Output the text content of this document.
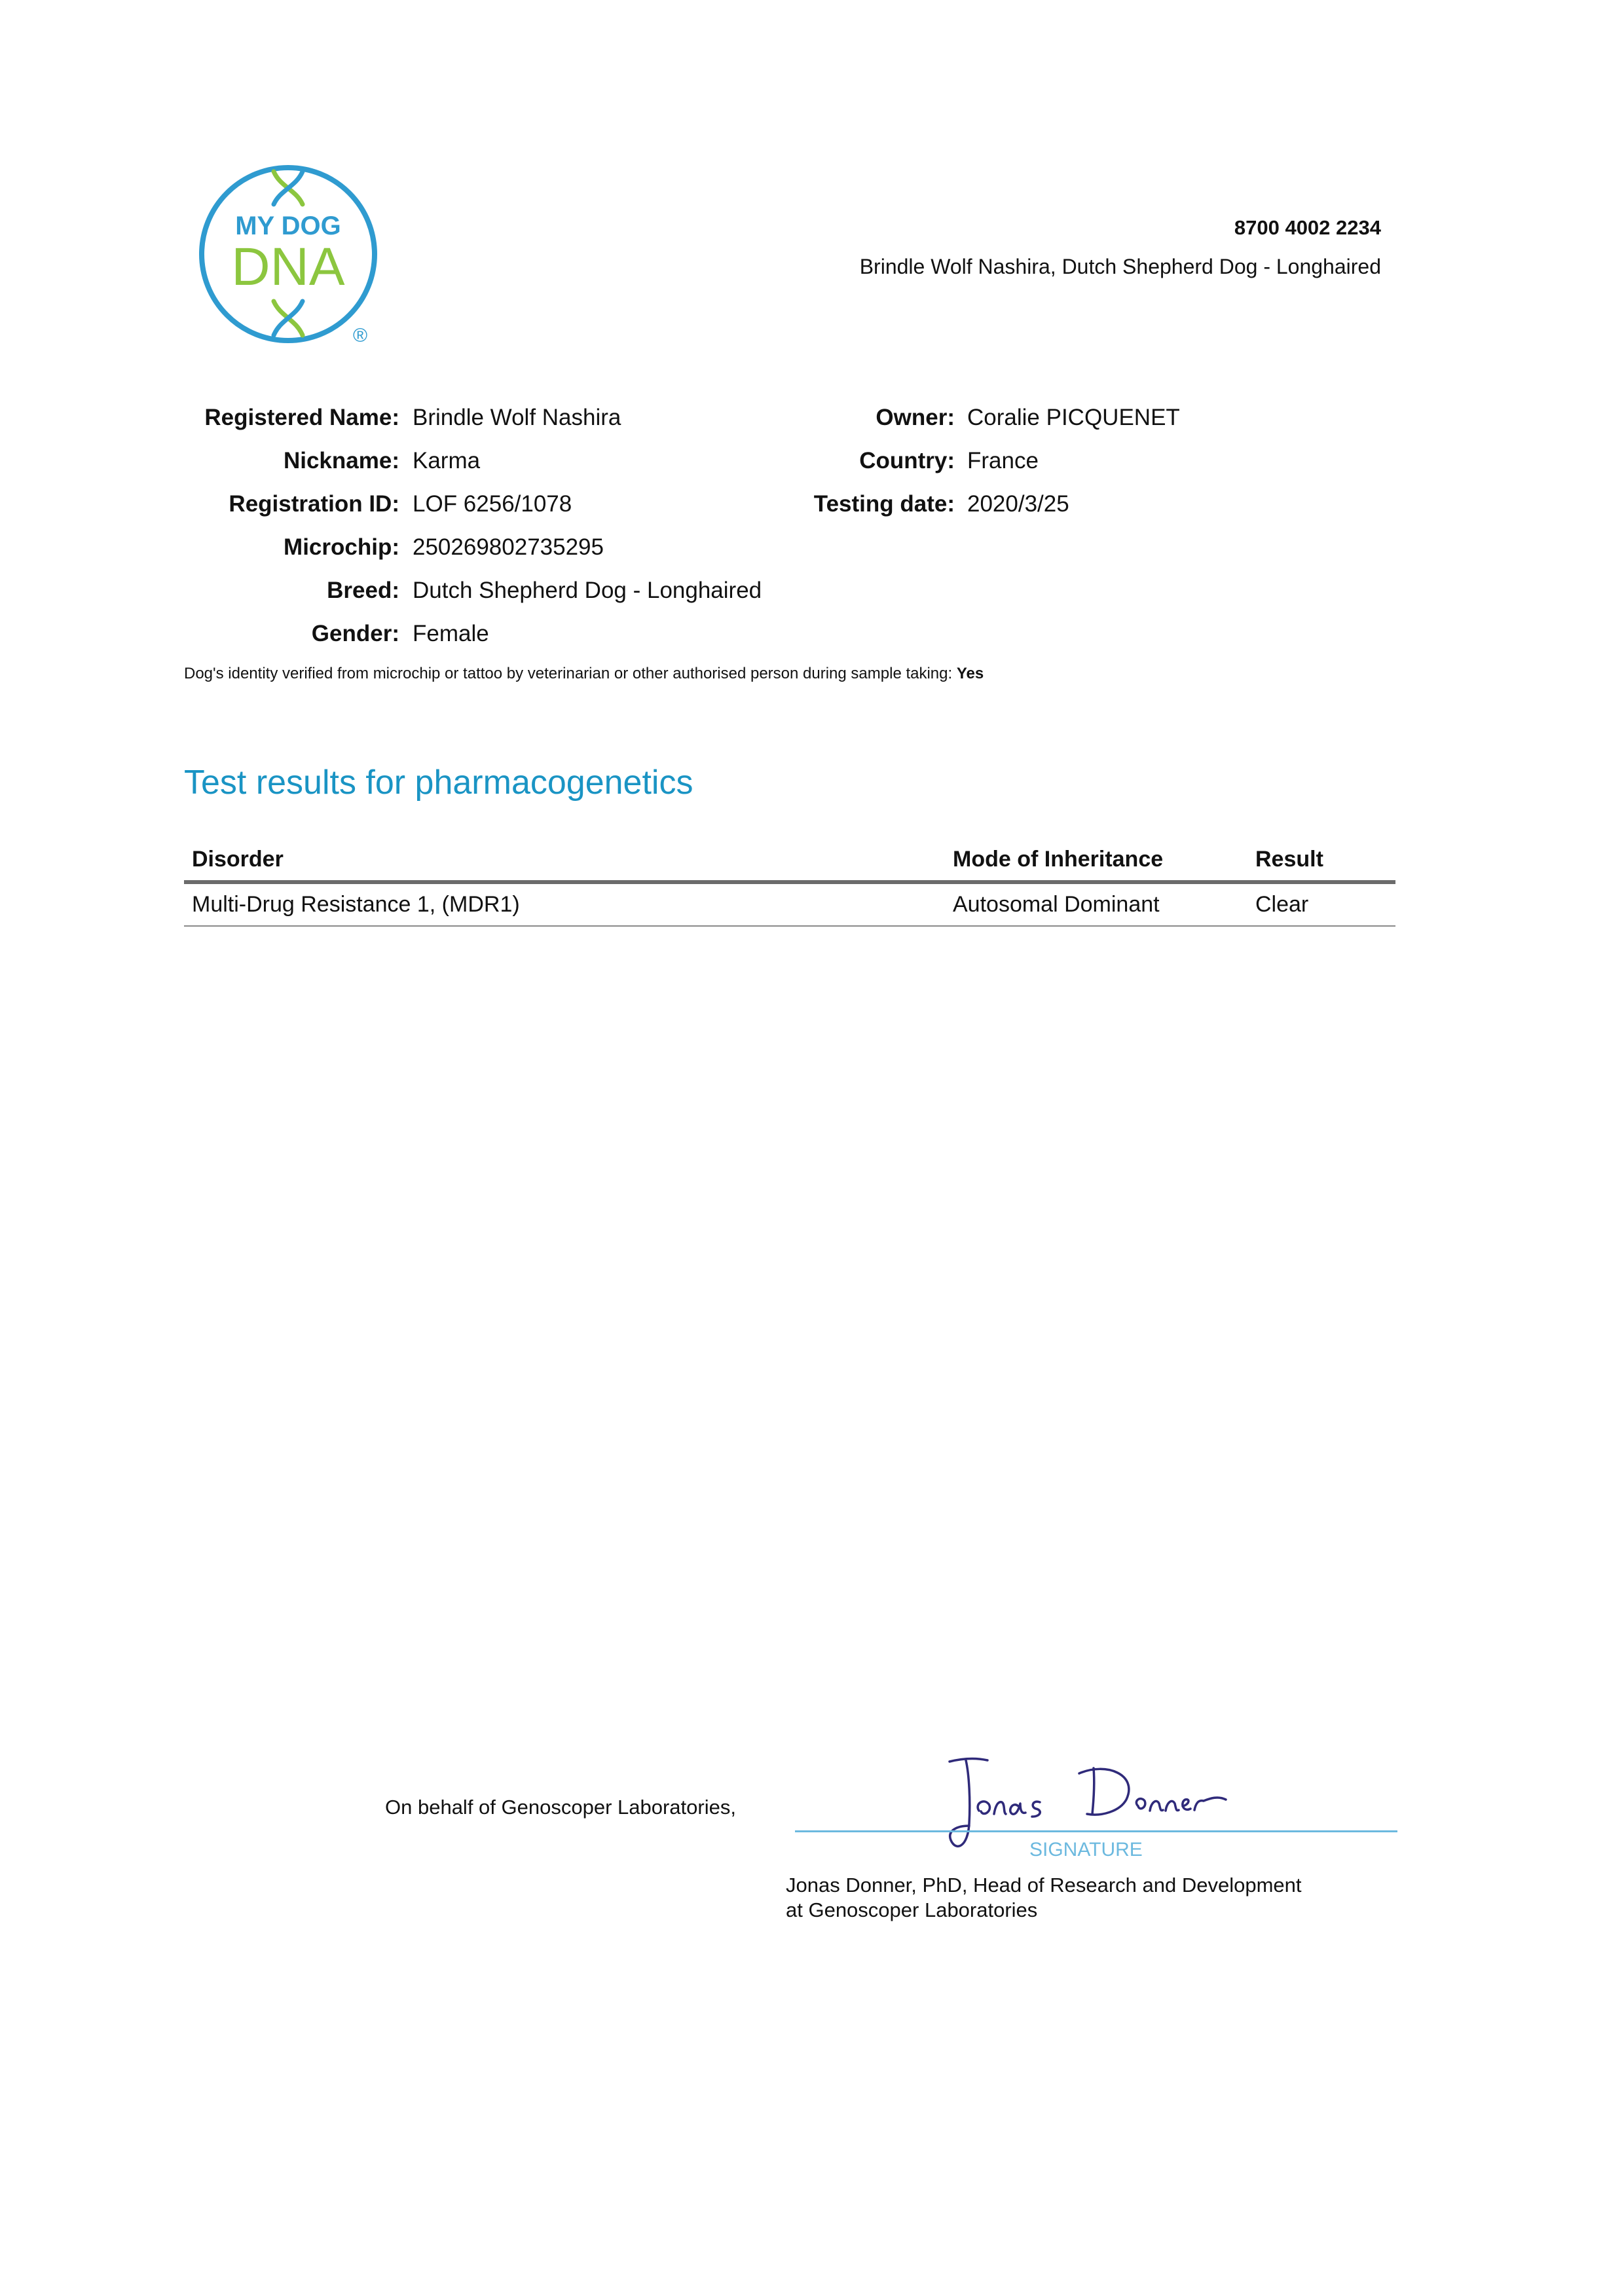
MY DOG
DNA
®
8700 4002 2234
Brindle Wolf Nashira, Dutch Shepherd Dog - Longhaired
Registered Name: Brindle Wolf Nashira
Nickname: Karma
Registration ID: LOF 6256/1078
Microchip: 250269802735295
Breed: Dutch Shepherd Dog - Longhaired
Gender: Female
Owner: Coralie PICQUENET
Country: France
Testing date: 2020/3/25
Dog's identity verified from microchip or tattoo by veterinarian or other authorised person during sample taking: Yes
Test results for pharmacogenetics
Disorder	Mode of Inheritance	Result
Multi-Drug Resistance 1, (MDR1)	Autosomal Dominant	Clear
On behalf of Genoscoper Laboratories,
SIGNATURE
Jonas Donner, PhD, Head of Research and Development
at Genoscoper Laboratories
